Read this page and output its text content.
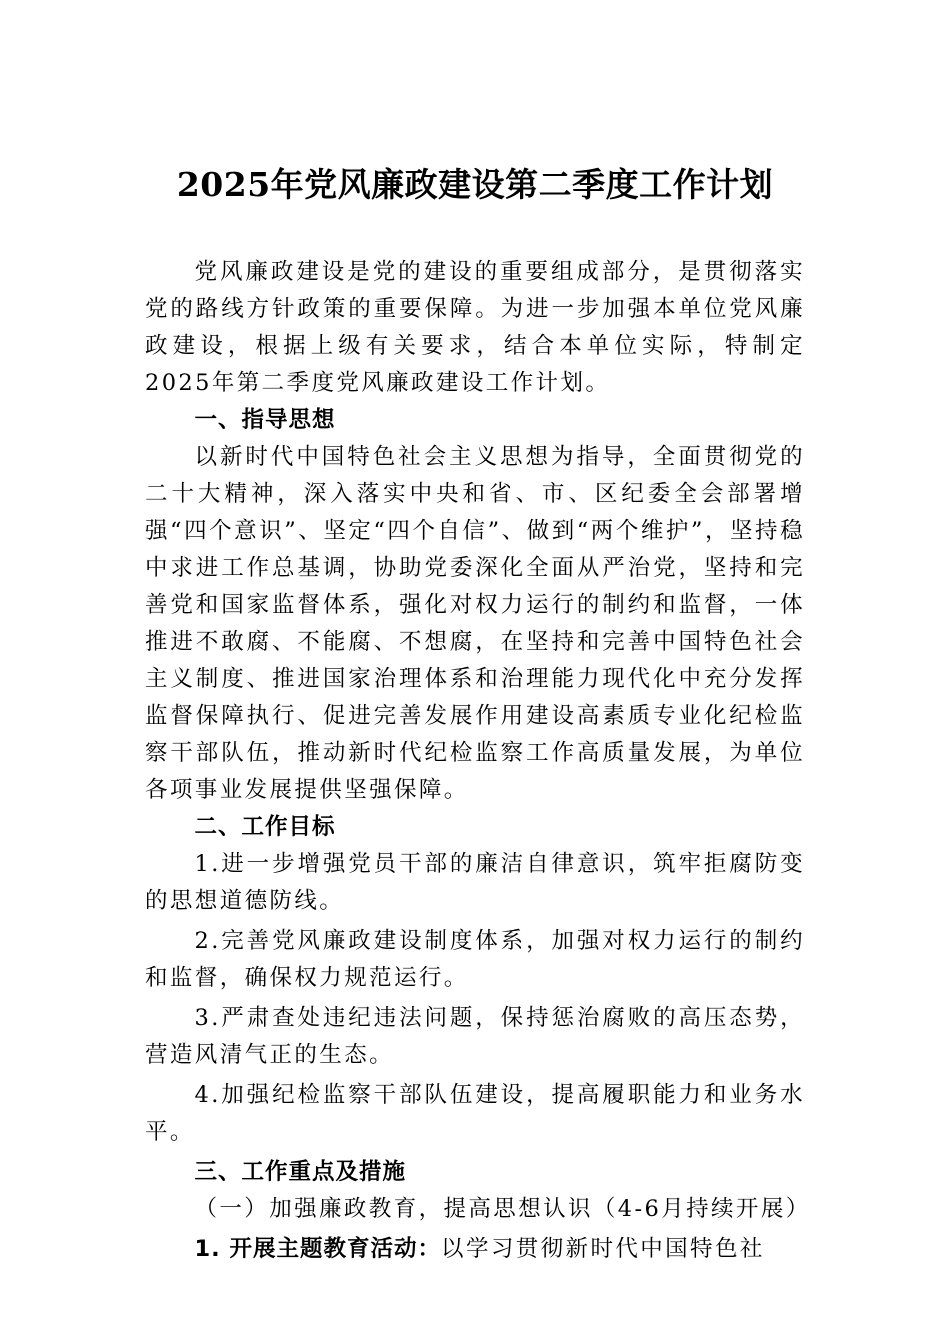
2025年党风廉政建设第二季度工作计划

党风廉政建设是党的建设的重要组成部分，是贯彻落实党的路线方针政策的重要保障。为进一步加强本单位党风廉政建设，根据上级有关要求，结合本单位实际，特制定2025年第二季度党风廉政建设工作计划。

一、指导思想

以新时代中国特色社会主义思想为指导，全面贯彻党的二十大精神，深入落实中央和省、市、区纪委全会部署增强“四个意识”、坚定“四个自信”、做到“两个维护”，坚持稳中求进工作总基调，协助党委深化全面从严治党，坚持和完善党和国家监督体系，强化对权力运行的制约和监督，一体推进不敢腐、不能腐、不想腐，在坚持和完善中国特色社会主义制度、推进国家治理体系和治理能力现代化中充分发挥监督保障执行、促进完善发展作用建设高素质专业化纪检监察干部队伍，推动新时代纪检监察工作高质量发展，为单位各项事业发展提供坚强保障。

二、工作目标

1.进一步增强党员干部的廉洁自律意识，筑牢拒腐防变的思想道德防线。

2.完善党风廉政建设制度体系，加强对权力运行的制约和监督，确保权力规范运行。

3.严肃查处违纪违法问题，保持惩治腐败的高压态势，营造风清气正的生态。

4.加强纪检监察干部队伍建设，提高履职能力和业务水平。

三、工作重点及措施

（一）加强廉政教育，提高思想认识（4-6月持续开展）

1. 开展主题教育活动：以学习贯彻新时代中国特色社
